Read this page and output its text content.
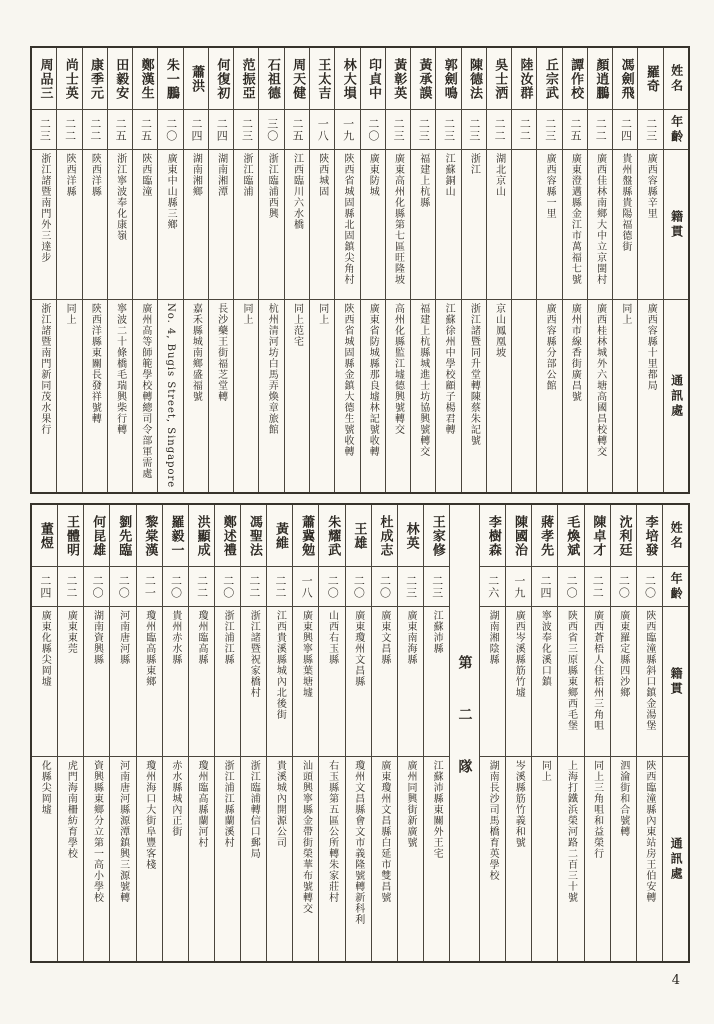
姓名
年齡
籍貫
通訊處
羅奇
二三
廣西容縣辛里
廣西容縣十里都局
馮劍飛
二四
貴州盤縣貴陽福德街
同上
顏逍鵬
二二
廣西佳林南鄉大中立京閩村
廣西桂林城外六塘高國昌校轉交
譚作校
二五
廣東澄邁縣金江市萬福七號
廣州市線香街廣昌號
丘宗武
二三
廣西容縣一里
廣西容縣分部公館
陸汝群
二二
吳士洒
二二
湖北京山
京山鳳凰坡
陳德法
二三
浙江
浙江諸暨同升堂轉陳蔡朱記號
郭劍鳴
二三
江蘇銅山
江蘇徐州中學校顧子楊君轉
黃承謨
二三
福建上杭縣
福建上杭縣城進士坊協興號轉交
黃彰英
二三
廣東高州化縣第七區旺隆坡
高州化縣監江墟德興號轉交
印貞中
二〇
廣東防城
廣東省防城縣那良墟林記號收轉
林大塤
一九
陝西省城固縣北固鎮尖角村
陝西省城固縣金鎮大德生號收轉
王太吉
一八
陝西城固
同上
周天健
二五
江西臨川六水橋
同上范宅
石祖德
三〇
浙江臨浦西興
杭州清河坊白馬弄煥章旅館
范振亞
二三
浙江臨浦
同上
何復初
二四
湖南湘潭
長沙藥王街福芝堂轉
蕭洪
二四
湖南湘鄉
嘉禾縣城南鄉盛福號
朱一鵬
二〇
廣東中山縣三鄉
No. 4, Bugis Street, Singapore
鄭漢生
二五
陝西臨潼
廣州高等師範學校轉總司令部軍需處
田毅安
二五
浙江寧波奉化康嶺
寧波二十條橋毛瑞興柴行轉
康季元
二二
陝西洋縣
陝西洋縣東關長發祥號轉
尚士英
二二
陝西洋縣
同上
周品三
二三
浙江諸暨南門外三達步
浙江諸暨南門新同茂水果行
姓名
年齡
籍貫
通訊處
李培發
二〇
陝西臨潼縣斜口鎮金湯堡
陝西臨潼縣內東站房王伯安轉
沈利廷
二〇
廣東羅定縣四沙鄉
泗淪街和合號轉
陳卓才
二二
廣西蒼梧人住梧州三角咀
同上三角咀和益榮行
毛煥斌
二〇
陝西省三原縣東鄉西毛堡
上海打鐵浜榮河路二百三十號
蔣孝先
二四
寧波奉化溪口鎮
同上
陳國治
一九
廣西岑溪縣筋竹墟
岑溪縣筋竹義和號
李樹森
二六
湖南湘陰縣
湖南長沙司馬橋育英學校
第二隊
王家修
二三
江蘇沛縣
江蘇沛縣東關外王宅
林英
二三
廣東南海縣
廣州同興街新廣號
杜成志
二〇
廣東文昌縣
廣東瓊州文昌縣白延市雙昌號
王雄
二〇
廣東瓊州文昌縣
瓊州文昌縣會文市義隆號轉新科利
朱耀武
二〇
山西右玉縣
右玉縣第五區公所轉朱家莊村
蕭冀勉
一八
廣東興寧縣葉塘墟
汕頭興寧縣金帶街榮華布號轉交
黃維
二二
江西貴溪縣城內北後街
貴溪城內開源公司
馮聖法
二二
浙江諸暨祝家橋村
浙江臨浦轉信口郵局
鄭述禮
二〇
浙江浦江縣
浙江浦江縣蘭溪村
洪顯成
二二
瓊州臨高縣
瓊州臨高縣蘭河村
羅毅一
二〇
貴州赤水縣
赤水縣城內正街
黎棠漢
二一
瓊州臨高縣東鄉
瓊州海口大街阜豐客棧
劉先臨
二〇
河南唐河縣
河南唐河縣源潭鎮興三源號轉
何昆雄
二〇
湖南資興縣
資興縣東鄉分立第一高小學校
王體明
二二
廣東東莞
虎門海南柵紡育學校
董煜
二四
廣東化縣尖岡墟
化縣尖岡墟
4
